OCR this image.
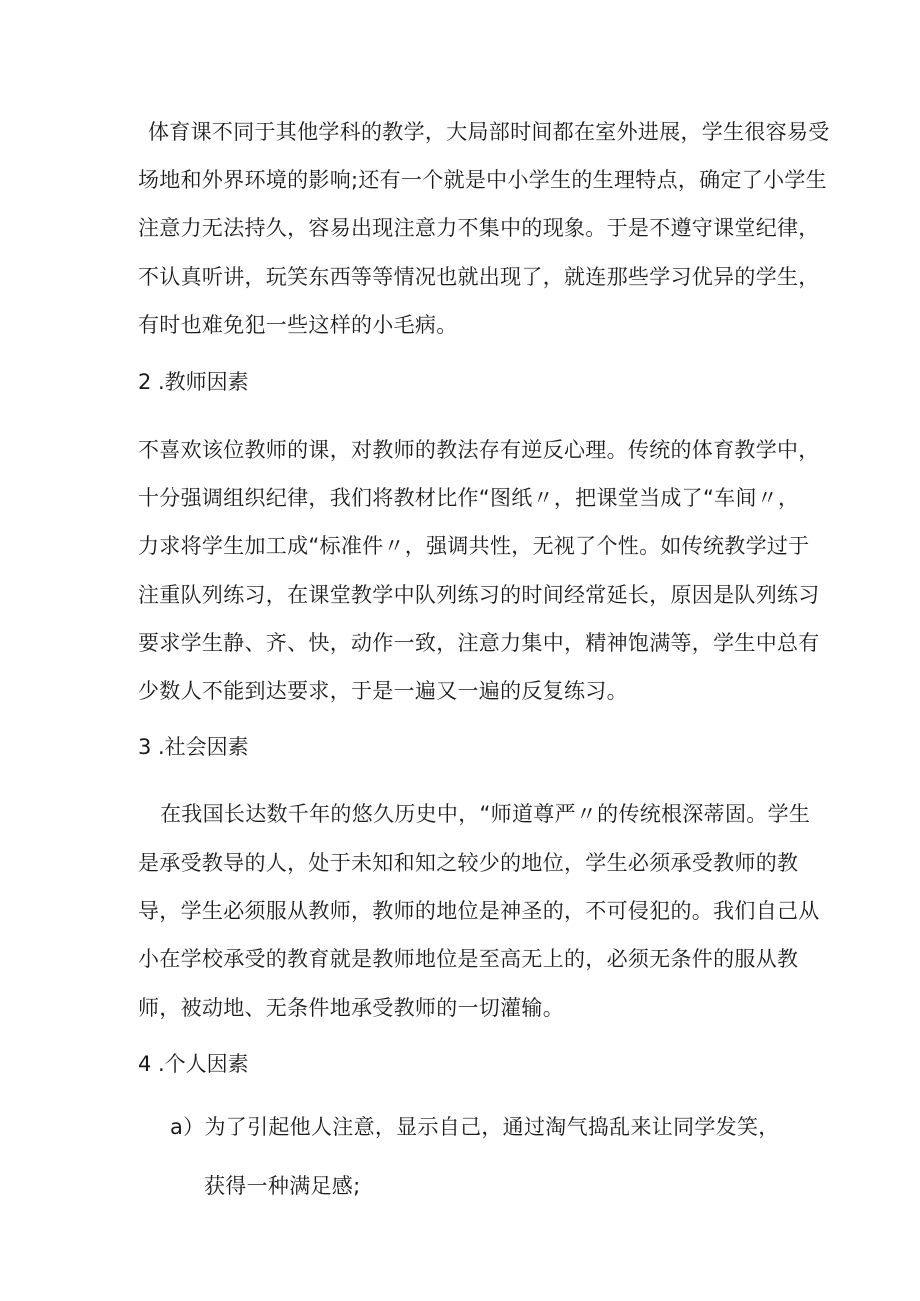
体育课不同于其他学科的教学，大局部时间都在室外进展，学生很容易受
场地和外界环境的影响;还有一个就是中小学生的生理特点，确定了小学生
注意力无法持久，容易出现注意力不集中的现象。于是不遵守课堂纪律，
不认真听讲，玩笑东西等等情况也就出现了，就连那些学习优异的学生，
有时也难免犯一些这样的小毛病。
2 .教师因素
不喜欢该位教师的课，对教师的教法存有逆反心理。传统的体育教学中，
十分强调组织纪律，我们将教材比作“图纸〃，把课堂当成了“车间〃，
力求将学生加工成“标准件〃，强调共性，无视了个性。如传统教学过于
注重队列练习，在课堂教学中队列练习的时间经常延长，原因是队列练习
要求学生静、齐、快，动作一致，注意力集中，精神饱满等，学生中总有
少数人不能到达要求，于是一遍又一遍的反复练习。
3 .社会因素
在我国长达数千年的悠久历史中，“师道尊严〃的传统根深蒂固。学生
是承受教导的人，处于未知和知之较少的地位，学生必须承受教师的教
导，学生必须服从教师，教师的地位是神圣的，不可侵犯的。我们自己从
小在学校承受的教育就是教师地位是至高无上的，必须无条件的服从教
师，被动地、无条件地承受教师的一切灌输。
4 .个人因素
a）为了引起他人注意，显示自己，通过淘气捣乱来让同学发笑，
获得一种满足感;
